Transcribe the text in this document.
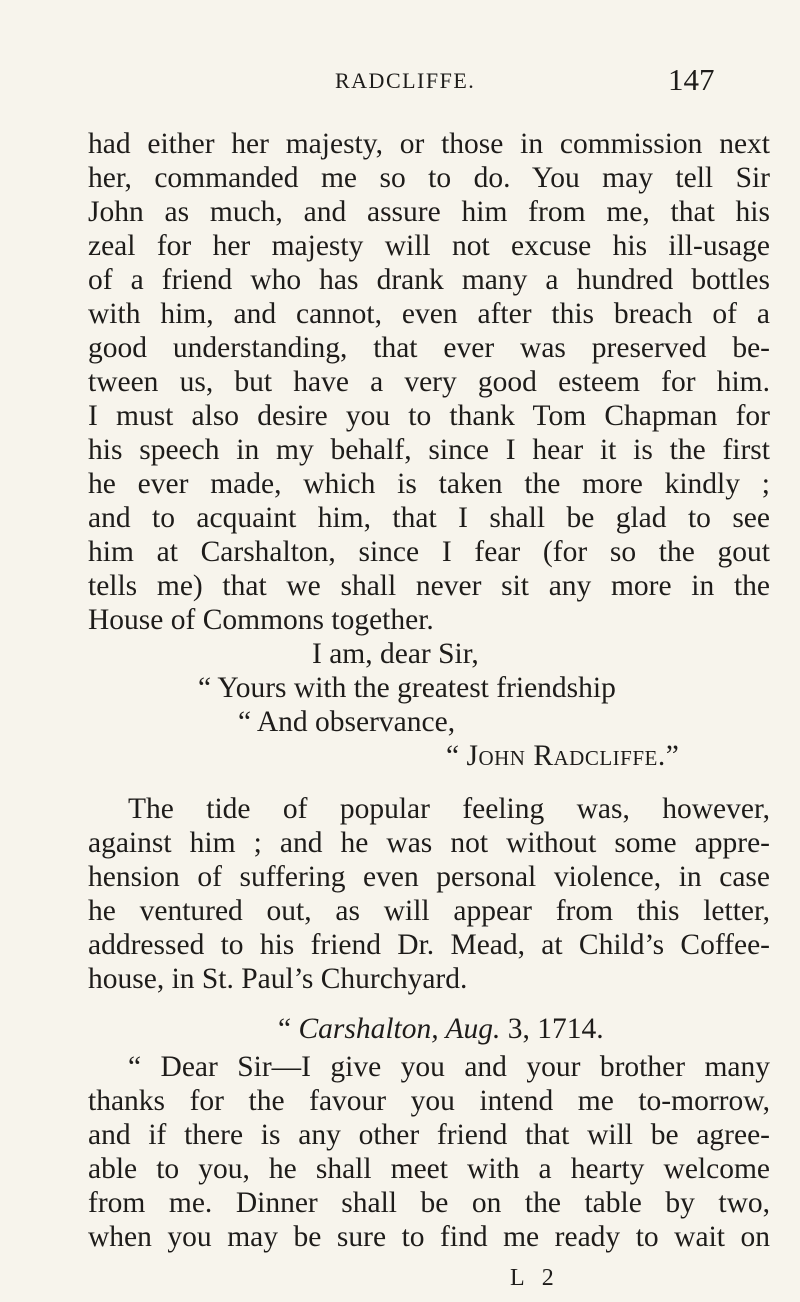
RADCLIFFE.	147
had either her majesty, or those in commission next
her, commanded me so to do. You may tell Sir
John as much, and assure him from me, that his
zeal for her majesty will not excuse his ill-usage
of a friend who has drank many a hundred bottles
with him, and cannot, even after this breach of a
good understanding, that ever was preserved be-
tween us, but have a very good esteem for him.
I must also desire you to thank Tom Chapman for
his speech in my behalf, since I hear it is the first
he ever made, which is taken the more kindly ;
and to acquaint him, that I shall be glad to see
him at Carshalton, since I fear (for so the gout
tells me) that we shall never sit any more in the
House of Commons together.
I am, dear Sir,
“ Yours with the greatest friendship
“ And observance,
“ John Radcliffe.”
The tide of popular feeling was, however,
against him ; and he was not without some appre-
hension of suffering even personal violence, in case
he ventured out, as will appear from this letter,
addressed to his friend Dr. Mead, at Child’s Coffee-
house, in St. Paul’s Churchyard.
“ Carshalton, Aug. 3, 1714.
“ Dear Sir—I give you and your brother many
thanks for the favour you intend me to-morrow,
and if there is any other friend that will be agree-
able to you, he shall meet with a hearty welcome
from me. Dinner shall be on the table by two,
when you may be sure to find me ready to wait on
L 2
